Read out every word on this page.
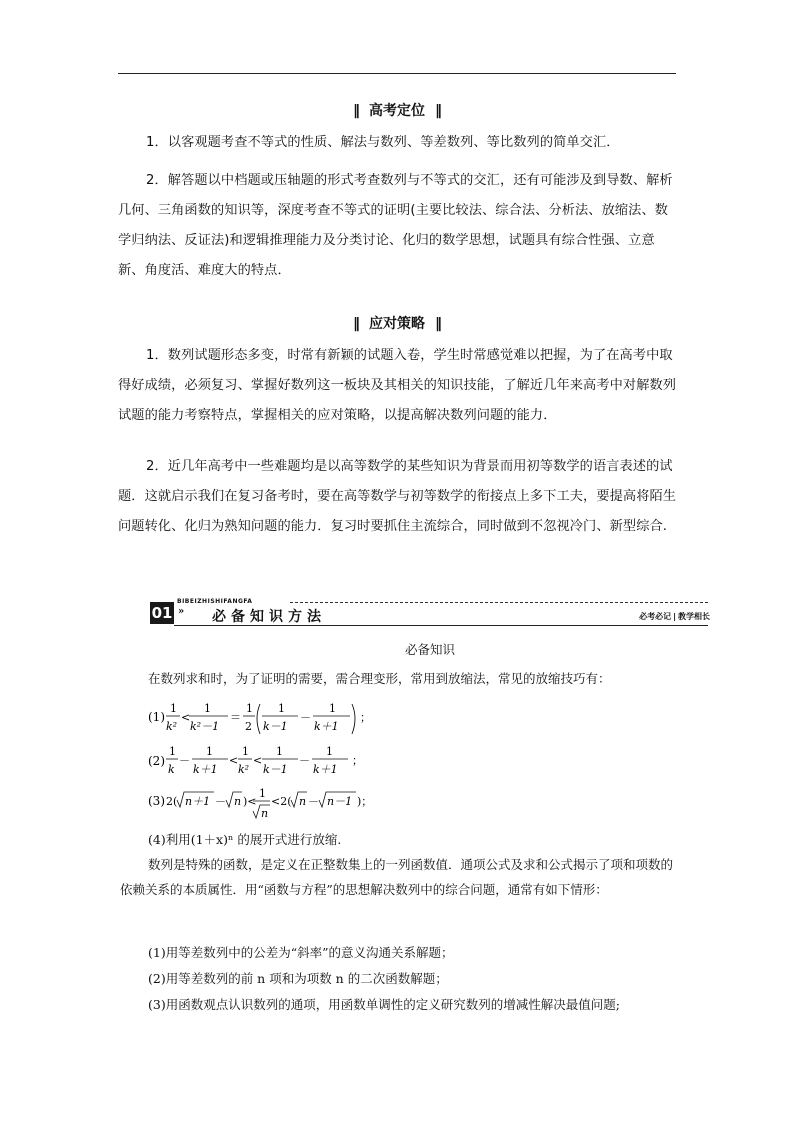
‖ 高考定位 ‖

1．以客观题考查不等式的性质、解法与数列、等差数列、等比数列的简单交汇．

2．解答题以中档题或压轴题的形式考查数列与不等式的交汇，还有可能涉及到导数、解析几何、三角函数的知识等，深度考查不等式的证明(主要比较法、综合法、分析法、放缩法、数学归纳法、反证法)和逻辑推理能力及分类讨论、化归的数学思想，试题具有综合性强、立意新、角度活、难度大的特点．

‖ 应对策略 ‖

1．数列试题形态多变，时常有新颖的试题入卷，学生时常感觉难以把握，为了在高考中取得好成绩，必须复习、掌握好数列这一板块及其相关的知识技能，了解近几年来高考中对解数列试题的能力考察特点，掌握相关的应对策略，以提高解决数列问题的能力．

2．近几年高考中一些难题均是以高等数学的某些知识为背景而用初等数学的语言表述的试题．这就启示我们在复习备考时，要在高等数学与初等数学的衔接点上多下工夫，要提高将陌生问题转化、化归为熟知问题的能力．复习时要抓住主流综合，同时做到不忽视冷门、新型综合.

BIBEIZHISHIFANGFA
01 » 必备知识方法	必考必记 | 教学相长
必备知识

在数列求和时，为了证明的需要，需合理变形，常用到放缩法，常见的放缩技巧有：

(1)
1
k²
<
1
k²－1
＝
1
2
1
k－1
－
1
k＋1
；
(2)
1
k
－
1
k＋1
<
1
k²
<
1
k－1
－
1
k＋1
；
(3) 2( n＋1 － n )<
1
n
<2( n － n－1 )；

(4)利用(1＋x)ⁿ 的展开式进行放缩.

数列是特殊的函数，是定义在正整数集上的一列函数值．通项公式及求和公式揭示了项和项数的依赖关系的本质属性．用“函数与方程”的思想解决数列中的综合问题，通常有如下情形：

(1)用等差数列中的公差为“斜率”的意义沟通关系解题；

(2)用等差数列的前 n 项和为项数 n 的二次函数解题；

(3)用函数观点认识数列的通项，用函数单调性的定义研究数列的增减性解决最值问题;
